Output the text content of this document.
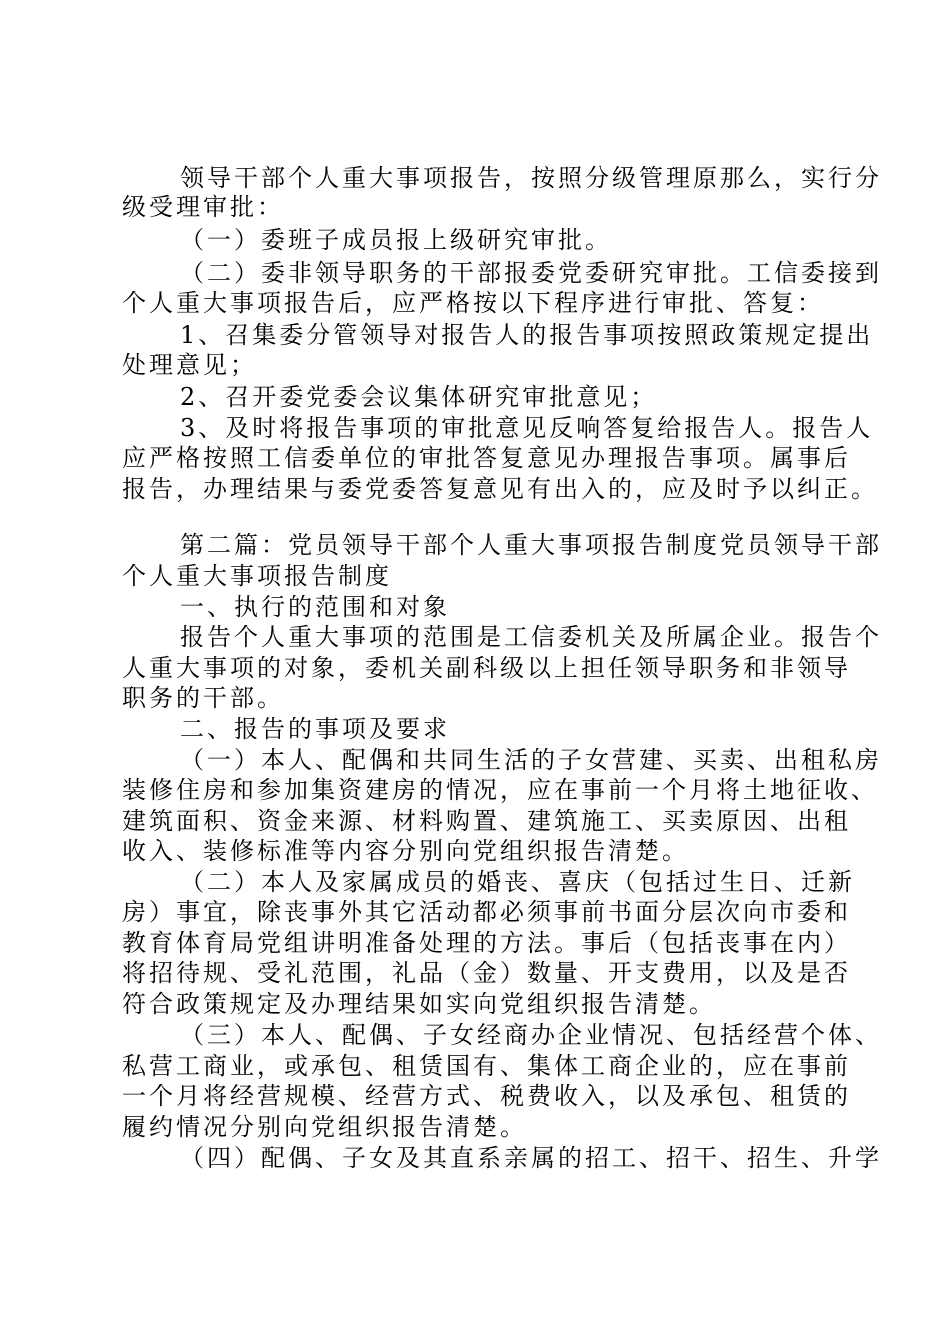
领导干部个人重大事项报告，按照分级管理原那么，实行分
级受理审批：
（一）委班子成员报上级研究审批。
（二）委非领导职务的干部报委党委研究审批。工信委接到
个人重大事项报告后，应严格按以下程序进行审批、答复：
1、召集委分管领导对报告人的报告事项按照政策规定提出
处理意见；
2、召开委党委会议集体研究审批意见；
3、及时将报告事项的审批意见反响答复给报告人。报告人
应严格按照工信委单位的审批答复意见办理报告事项。属事后
报告，办理结果与委党委答复意见有出入的，应及时予以纠正。
第二篇：党员领导干部个人重大事项报告制度党员领导干部
个人重大事项报告制度
一、执行的范围和对象
报告个人重大事项的范围是工信委机关及所属企业。报告个
人重大事项的对象，委机关副科级以上担任领导职务和非领导
职务的干部。
二、报告的事项及要求
（一）本人、配偶和共同生活的子女营建、买卖、出租私房
装修住房和参加集资建房的情况，应在事前一个月将土地征收、
建筑面积、资金来源、材料购置、建筑施工、买卖原因、出租
收入、装修标准等内容分别向党组织报告清楚。
（二）本人及家属成员的婚丧、喜庆（包括过生日、迁新
房）事宜，除丧事外其它活动都必须事前书面分层次向市委和
教育体育局党组讲明准备处理的方法。事后（包括丧事在内）
将招待规、受礼范围，礼品（金）数量、开支费用，以及是否
符合政策规定及办理结果如实向党组织报告清楚。
（三）本人、配偶、子女经商办企业情况、包括经营个体、
私营工商业，或承包、租赁国有、集体工商企业的，应在事前
一个月将经营规模、经营方式、税费收入，以及承包、租赁的
履约情况分别向党组织报告清楚。
（四）配偶、子女及其直系亲属的招工、招干、招生、升学
